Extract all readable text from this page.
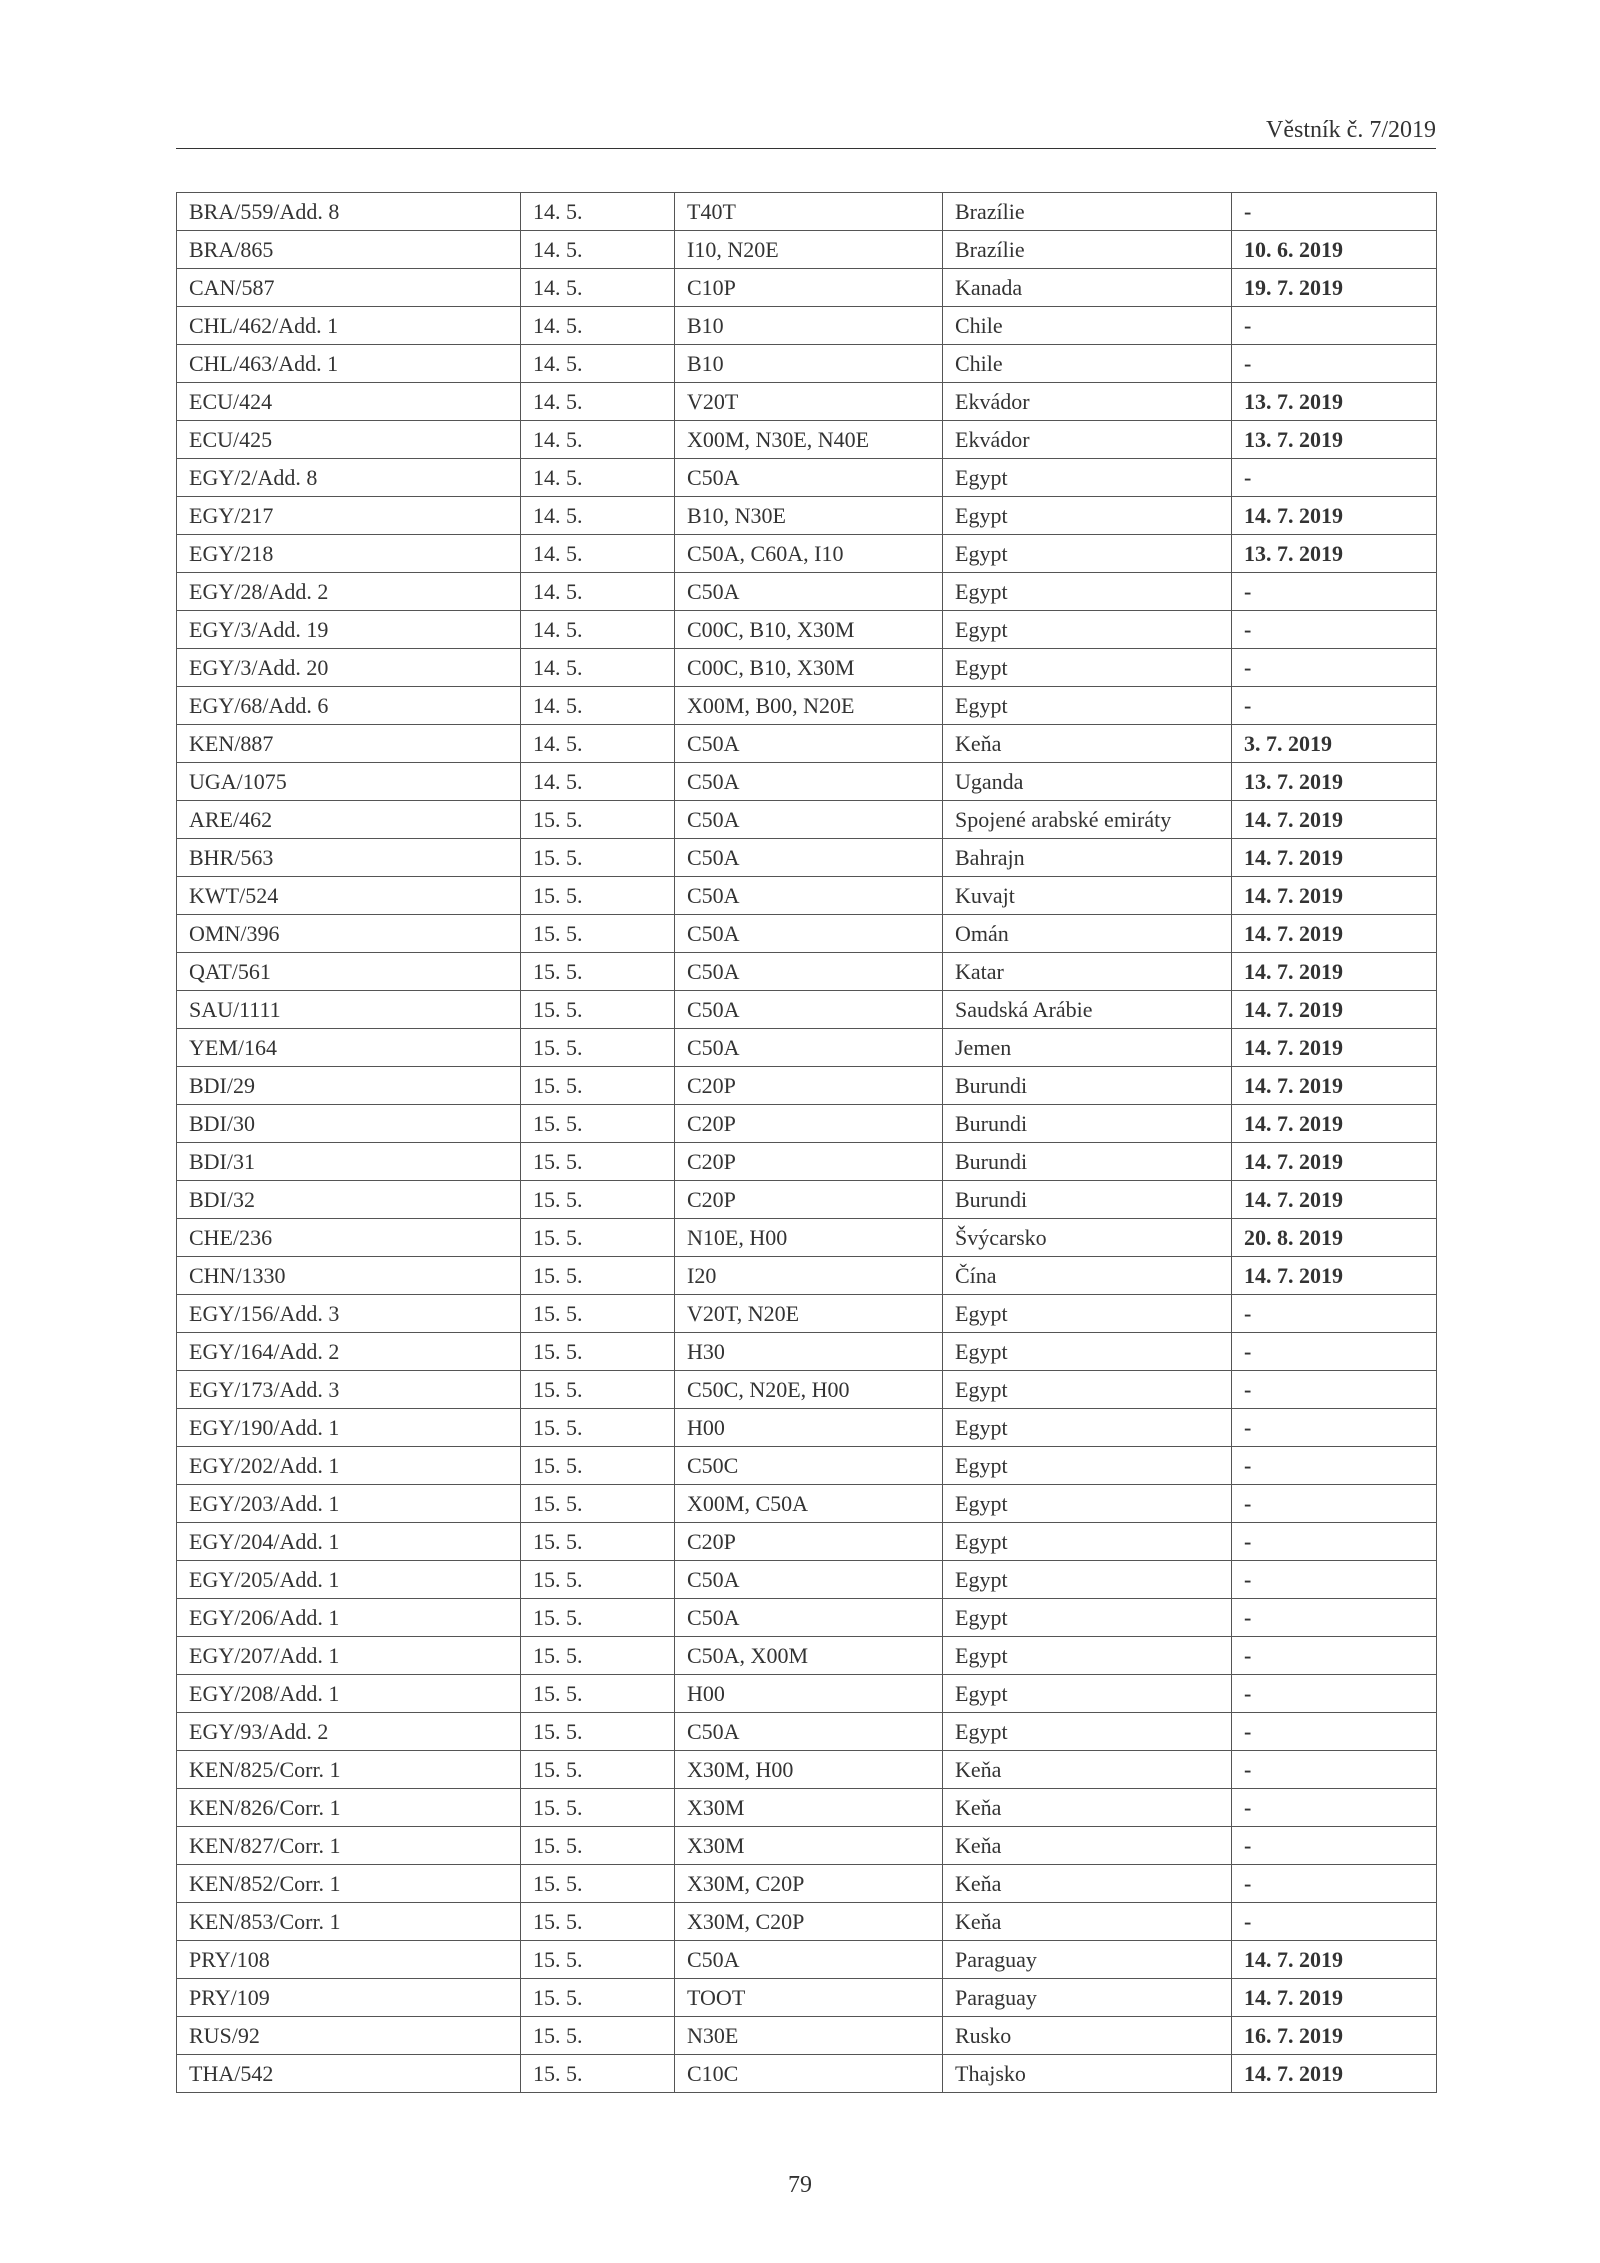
Věstník č. 7/2019
BRA/559/Add. 8	14. 5.	T40T	Brazílie	-
BRA/865	14. 5.	I10, N20E	Brazílie	10. 6. 2019
CAN/587	14. 5.	C10P	Kanada	19. 7. 2019
CHL/462/Add. 1	14. 5.	B10	Chile	-
CHL/463/Add. 1	14. 5.	B10	Chile	-
ECU/424	14. 5.	V20T	Ekvádor	13. 7. 2019
ECU/425	14. 5.	X00M, N30E, N40E	Ekvádor	13. 7. 2019
EGY/2/Add. 8	14. 5.	C50A	Egypt	-
EGY/217	14. 5.	B10, N30E	Egypt	14. 7. 2019
EGY/218	14. 5.	C50A, C60A, I10	Egypt	13. 7. 2019
EGY/28/Add. 2	14. 5.	C50A	Egypt	-
EGY/3/Add. 19	14. 5.	C00C, B10, X30M	Egypt	-
EGY/3/Add. 20	14. 5.	C00C, B10, X30M	Egypt	-
EGY/68/Add. 6	14. 5.	X00M, B00, N20E	Egypt	-
KEN/887	14. 5.	C50A	Keňa	3. 7. 2019
UGA/1075	14. 5.	C50A	Uganda	13. 7. 2019
ARE/462	15. 5.	C50A	Spojené arabské emiráty	14. 7. 2019
BHR/563	15. 5.	C50A	Bahrajn	14. 7. 2019
KWT/524	15. 5.	C50A	Kuvajt	14. 7. 2019
OMN/396	15. 5.	C50A	Omán	14. 7. 2019
QAT/561	15. 5.	C50A	Katar	14. 7. 2019
SAU/1111	15. 5.	C50A	Saudská Arábie	14. 7. 2019
YEM/164	15. 5.	C50A	Jemen	14. 7. 2019
BDI/29	15. 5.	C20P	Burundi	14. 7. 2019
BDI/30	15. 5.	C20P	Burundi	14. 7. 2019
BDI/31	15. 5.	C20P	Burundi	14. 7. 2019
BDI/32	15. 5.	C20P	Burundi	14. 7. 2019
CHE/236	15. 5.	N10E, H00	Švýcarsko	20. 8. 2019
CHN/1330	15. 5.	I20	Čína	14. 7. 2019
EGY/156/Add. 3	15. 5.	V20T, N20E	Egypt	-
EGY/164/Add. 2	15. 5.	H30	Egypt	-
EGY/173/Add. 3	15. 5.	C50C, N20E, H00	Egypt	-
EGY/190/Add. 1	15. 5.	H00	Egypt	-
EGY/202/Add. 1	15. 5.	C50C	Egypt	-
EGY/203/Add. 1	15. 5.	X00M, C50A	Egypt	-
EGY/204/Add. 1	15. 5.	C20P	Egypt	-
EGY/205/Add. 1	15. 5.	C50A	Egypt	-
EGY/206/Add. 1	15. 5.	C50A	Egypt	-
EGY/207/Add. 1	15. 5.	C50A, X00M	Egypt	-
EGY/208/Add. 1	15. 5.	H00	Egypt	-
EGY/93/Add. 2	15. 5.	C50A	Egypt	-
KEN/825/Corr. 1	15. 5.	X30M, H00	Keňa	-
KEN/826/Corr. 1	15. 5.	X30M	Keňa	-
KEN/827/Corr. 1	15. 5.	X30M	Keňa	-
KEN/852/Corr. 1	15. 5.	X30M, C20P	Keňa	-
KEN/853/Corr. 1	15. 5.	X30M, C20P	Keňa	-
PRY/108	15. 5.	C50A	Paraguay	14. 7. 2019
PRY/109	15. 5.	TOOT	Paraguay	14. 7. 2019
RUS/92	15. 5.	N30E	Rusko	16. 7. 2019
THA/542	15. 5.	C10C	Thajsko	14. 7. 2019
79
